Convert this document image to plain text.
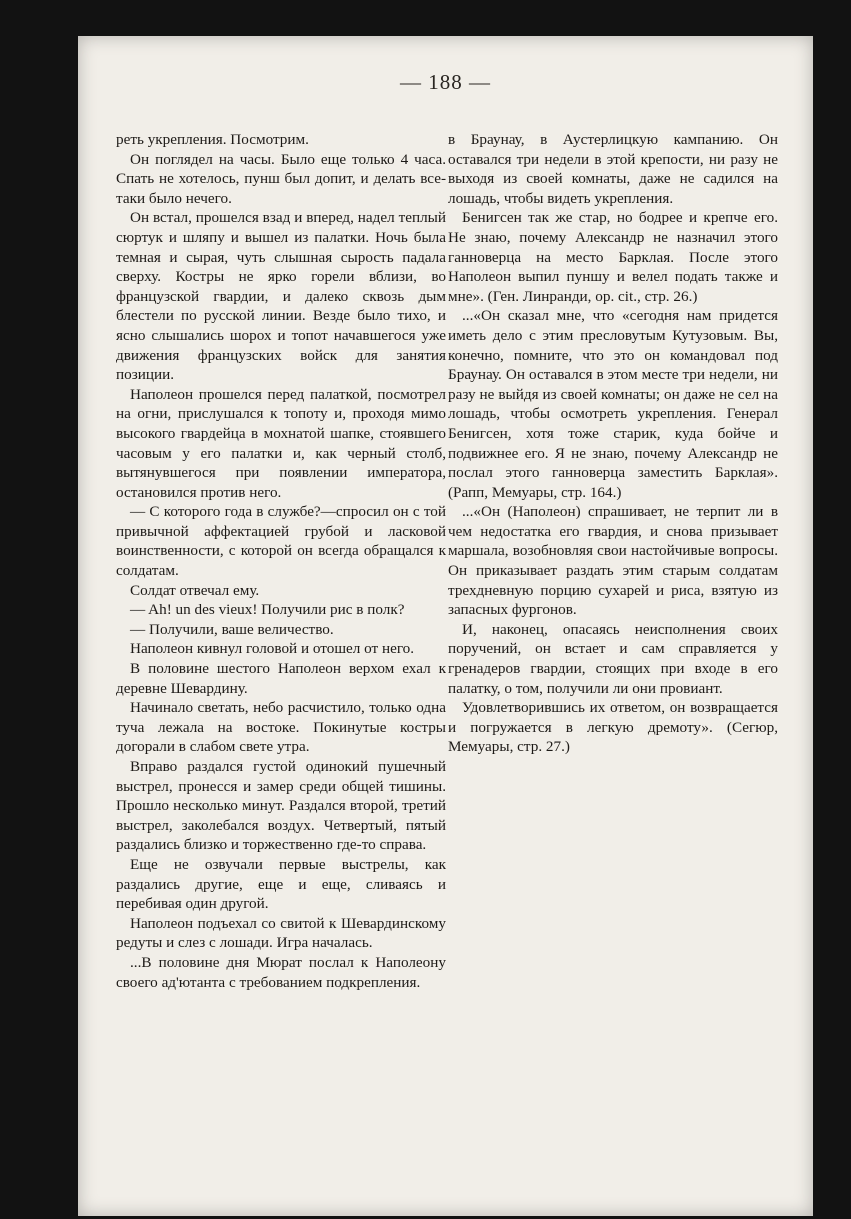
— 188 —

реть укрепления. Посмотрим.

Он поглядел на часы. Было еще только 4 часа. Спать не хотелось, пунш был допит, и делать все-таки было нечего.

Он встал, прошелся взад и вперед, надел теплый сюртук и шляпу и вышел из палатки. Ночь была темная и сырая, чуть слышная сырость падала сверху. Костры не ярко горели вблизи, во французской гвардии, и далеко сквозь дым блестели по русской линии. Везде было тихо, и ясно слышались шорох и топот начавшегося уже движения французских войск для занятия позиции.

Наполеон прошелся перед палаткой, посмотрел на огни, прислушался к топоту и, проходя мимо высокого гвардейца в мохнатой шапке, стоявшего часовым у его палатки и, как черный столб, вытянувшегося при появлении императора, остановился против него.

— С которого года в службе?—спросил он с той привычной аффектацией грубой и ласковой воинственности, с которой он всегда обращался к солдатам.

Солдат отвечал ему.

— Ah! un des vieux! Получили рис в полк?

— Получили, ваше величество.

Наполеон кивнул головой и отошел от него.

В половине шестого Наполеон верхом ехал к деревне Шевардину.

Начинало светать, небо расчистило, только одна туча лежала на востоке. Покинутые костры догорали в слабом свете утра.

Вправо раздался густой одинокий пушечный выстрел, пронесся и замер среди общей тишины. Прошло несколько минут. Раздался второй, третий выстрел, заколебался воздух. Четвертый, пятый раздались близко и торжественно где-то справа.

Еще не озвучали первые выстрелы, как раздались другие, еще и еще, сливаясь и перебивая один другой.

Наполеон подъехал со свитой к Шевардинскому редуты и слез с лошади. Игра началась.

...В половине дня Мюрат послал к Наполеону своего ад'ютанта с требованием подкрепления.

в Браунау, в Аустерлицкую кампанию. Он оставался три недели в этой крепости, ни разу не выходя из своей комнаты, даже не садился на лошадь, чтобы видеть укрепления.

Бенигсен так же стар, но бодрее и крепче его. Не знаю, почему Александр не назначил этого ганноверца на место Барклая. После этого Наполеон выпил пуншу и велел подать также и мне». (Ген. Линранди, op. cit., стр. 26.)

...«Он сказал мне, что «сегодня нам придется иметь дело с этим пресловутым Кутузовым. Вы, конечно, помните, что это он командовал под Браунау. Он оставался в этом месте три недели, ни разу не выйдя из своей комнаты; он даже не сел на лошадь, чтобы осмотреть укрепления. Генерал Бенигсен, хотя тоже старик, куда бойче и подвижнее его. Я не знаю, почему Александр не послал этого ганноверца заместить Барклая». (Рапп, Мемуары, стр. 164.)

...«Он (Наполеон) спрашивает, не терпит ли в чем недостатка его гвардия, и снова призывает маршала, возобновляя свои настойчивые вопросы. Он приказывает раздать этим старым солдатам трехдневную порцию сухарей и риса, взятую из запасных фургонов.

И, наконец, опасаясь неисполнения своих поручений, он встает и сам справляется у гренадеров гвардии, стоящих при входе в его палатку, о том, получили ли они провиант.

Удовлетворившись их ответом, он возвращается и погружается в легкую дремоту». (Сегюр, Мемуары, стр. 27.)
